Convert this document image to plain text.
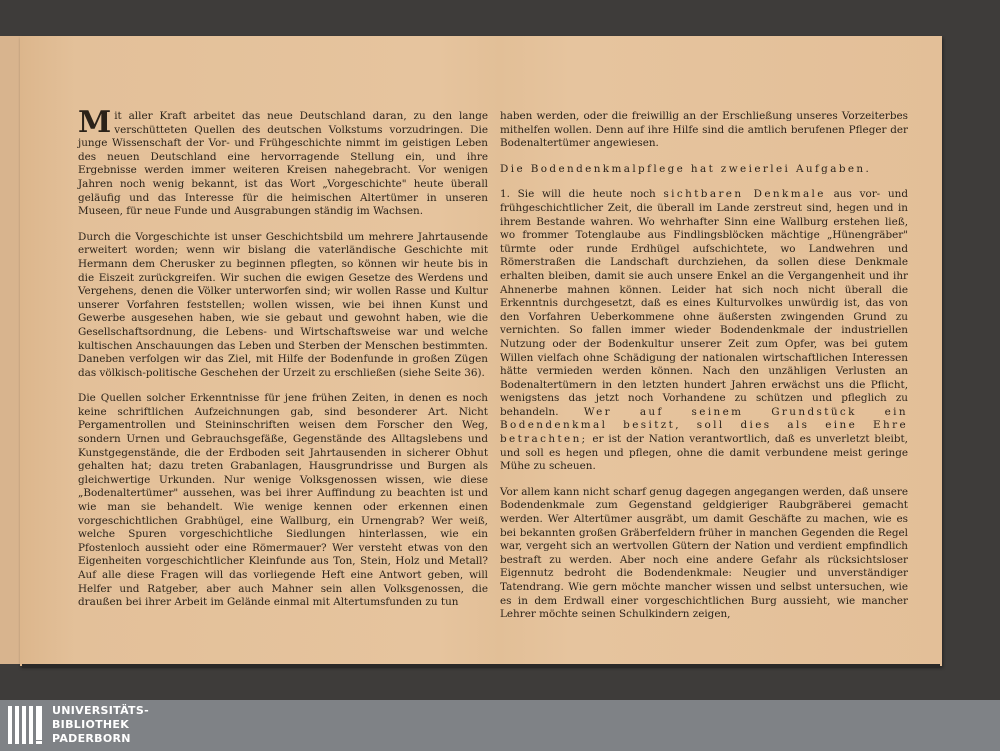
Mit aller Kraft arbeitet das neue Deutschland daran, zu den lange verschütteten Quellen des deutschen Volkstums vorzudringen. Die junge Wissenschaft der Vor- und Frühgeschichte nimmt im geistigen Leben des neuen Deutschland eine hervorragende Stellung ein, und ihre Ergebnisse werden immer weiteren Kreisen nahegebracht. Vor wenigen Jahren noch wenig bekannt, ist das Wort „Vorgeschichte" heute überall geläufig und das Interesse für die heimischen Altertümer in unseren Museen, für neue Funde und Ausgrabungen ständig im Wachsen.

Durch die Vorgeschichte ist unser Geschichtsbild um mehrere Jahrtausende erweitert worden; wenn wir bislang die vaterländische Geschichte mit Hermann dem Cherusker zu beginnen pflegten, so können wir heute bis in die Eiszeit zurückgreifen. Wir suchen die ewigen Gesetze des Werdens und Vergehens, denen die Völker unterworfen sind; wir wollen Rasse und Kultur unserer Vorfahren feststellen; wollen wissen, wie bei ihnen Kunst und Gewerbe ausgesehen haben, wie sie gebaut und gewohnt haben, wie die Gesellschaftsordnung, die Lebens- und Wirtschaftsweise war und welche kultischen Anschauungen das Leben und Sterben der Menschen bestimmten. Daneben verfolgen wir das Ziel, mit Hilfe der Bodenfunde in großen Zügen das völkisch-politische Geschehen der Urzeit zu erschließen (siehe Seite 36).

Die Quellen solcher Erkenntnisse für jene frühen Zeiten, in denen es noch keine schriftlichen Aufzeichnungen gab, sind besonderer Art. Nicht Pergamentrollen und Steininschriften weisen dem Forscher den Weg, sondern Urnen und Gebrauchsgefäße, Gegenstände des Alltagslebens und Kunstgegenstände, die der Erdboden seit Jahrtausenden in sicherer Obhut gehalten hat; dazu treten Grabanlagen, Hausgrundrisse und Burgen als gleichwertige Urkunden. Nur wenige Volksgenossen wissen, wie diese „Bodenaltertümer" aussehen, was bei ihrer Auffindung zu beachten ist und wie man sie behandelt. Wie wenige kennen oder erkennen einen vorgeschichtlichen Grabhügel, eine Wallburg, ein Urnengrab? Wer weiß, welche Spuren vorgeschichtliche Siedlungen hinterlassen, wie ein Pfostenloch aussieht oder eine Römermauer? Wer versteht etwas von den Eigenheiten vorgeschichtlicher Kleinfunde aus Ton, Stein, Holz und Metall? Auf alle diese Fragen will das vorliegende Heft eine Antwort geben, will Helfer und Ratgeber, aber auch Mahner sein allen Volksgenossen, die draußen bei ihrer Arbeit im Gelände einmal mit Altertumsfunden zu tun

haben werden, oder die freiwillig an der Erschließung unseres Vorzeiterbes mithelfen wollen. Denn auf ihre Hilfe sind die amtlich berufenen Pfleger der Bodenaltertümer angewiesen.

Die Bodendenkmalpflege hat zweierlei Aufgaben.

1. Sie will die heute noch sichtbaren Denkmale aus vor- und frühgeschichtlicher Zeit, die überall im Lande zerstreut sind, hegen und in ihrem Bestande wahren. Wo wehrhafter Sinn eine Wallburg erstehen ließ, wo frommer Totenglaube aus Findlingsblöcken mächtige „Hünengräber" türmte oder runde Erdhügel aufschichtete, wo Landwehren und Römerstraßen die Landschaft durchziehen, da sollen diese Denkmale erhalten bleiben, damit sie auch unsere Enkel an die Vergangenheit und ihr Ahnenerbe mahnen können. Leider hat sich noch nicht überall die Erkenntnis durchgesetzt, daß es eines Kulturvolkes unwürdig ist, das von den Vorfahren Ueberkommene ohne äußersten zwingenden Grund zu vernichten. So fallen immer wieder Bodendenkmale der industriellen Nutzung oder der Bodenkultur unserer Zeit zum Opfer, was bei gutem Willen vielfach ohne Schädigung der nationalen wirtschaftlichen Interessen hätte vermieden werden können. Nach den unzähligen Verlusten an Bodenaltertümern in den letzten hundert Jahren erwächst uns die Pflicht, wenigstens das jetzt noch Vorhandene zu schützen und pfleglich zu behandeln. Wer auf seinem Grundstück ein Bodendenkmal besitzt, soll dies als eine Ehre betrachten; er ist der Nation verantwortlich, daß es unverletzt bleibt, und soll es hegen und pflegen, ohne die damit verbundene meist geringe Mühe zu scheuen.

Vor allem kann nicht scharf genug dagegen angegangen werden, daß unsere Bodendenkmale zum Gegenstand geldgieriger Raubgräberei gemacht werden. Wer Altertümer ausgräbt, um damit Geschäfte zu machen, wie es bei bekannten großen Gräberfeldern früher in manchen Gegenden die Regel war, vergeht sich an wertvollen Gütern der Nation und verdient empfindlich bestraft zu werden. Aber noch eine andere Gefahr als rücksichtsloser Eigennutz bedroht die Bodendenkmale: Neugier und unverständiger Tatendrang. Wie gern möchte mancher wissen und selbst untersuchen, wie es in dem Erdwall einer vorgeschichtlichen Burg aussieht, wie mancher Lehrer möchte seinen Schulkindern zeigen,

UNIVERSITÄTS-
BIBLIOTHEK
PADERBORN
